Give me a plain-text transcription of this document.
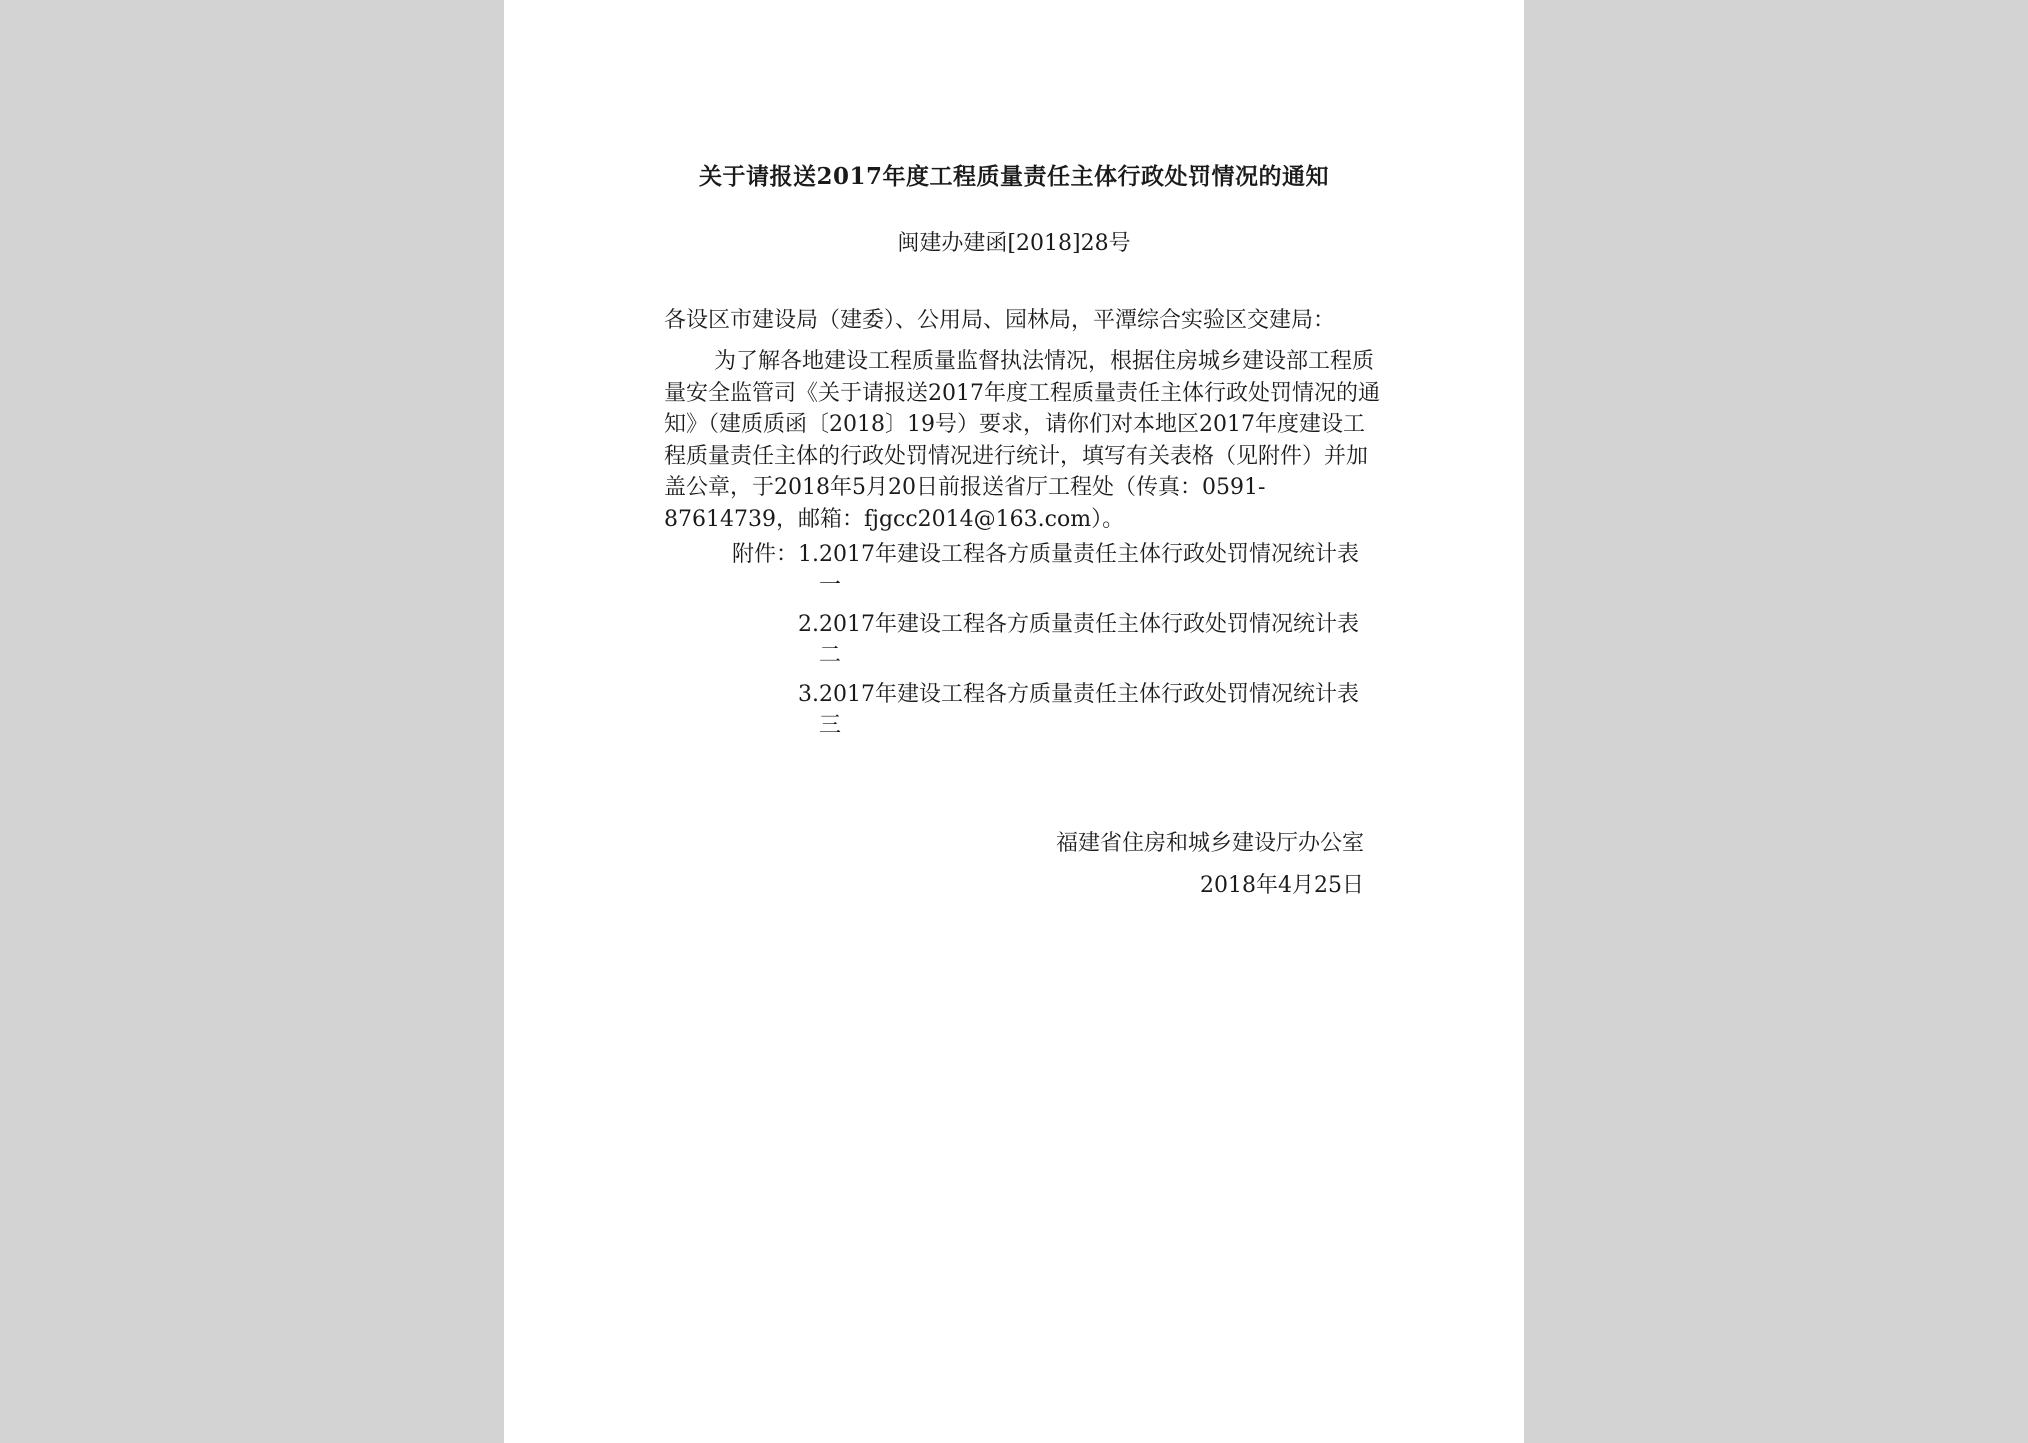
关于请报送2017年度工程质量责任主体行政处罚情况的通知
闽建办建函[2018]28号

各设区市建设局（建委）、公用局、园林局，平潭综合实验区交建局：

为了解各地建设工程质量监督执法情况，根据住房城乡建设部工程质量安全监管司《关于请报送2017年度工程质量责任主体行政处罚情况的通知》（建质质函〔2018〕19号）要求，请你们对本地区2017年度建设工程质量责任主体的行政处罚情况进行统计，填写有关表格（见附件）并加盖公章，于2018年5月20日前报送省厅工程处（传真：0591-87614739，邮箱：fjgcc2014@163.com）。

附件：1. 2017年建设工程各方质量责任主体行政处罚情况统计表一
2. 2017年建设工程各方质量责任主体行政处罚情况统计表二
3. 2017年建设工程各方质量责任主体行政处罚情况统计表三
福建省住房和城乡建设厅办公室
2018年4月25日
